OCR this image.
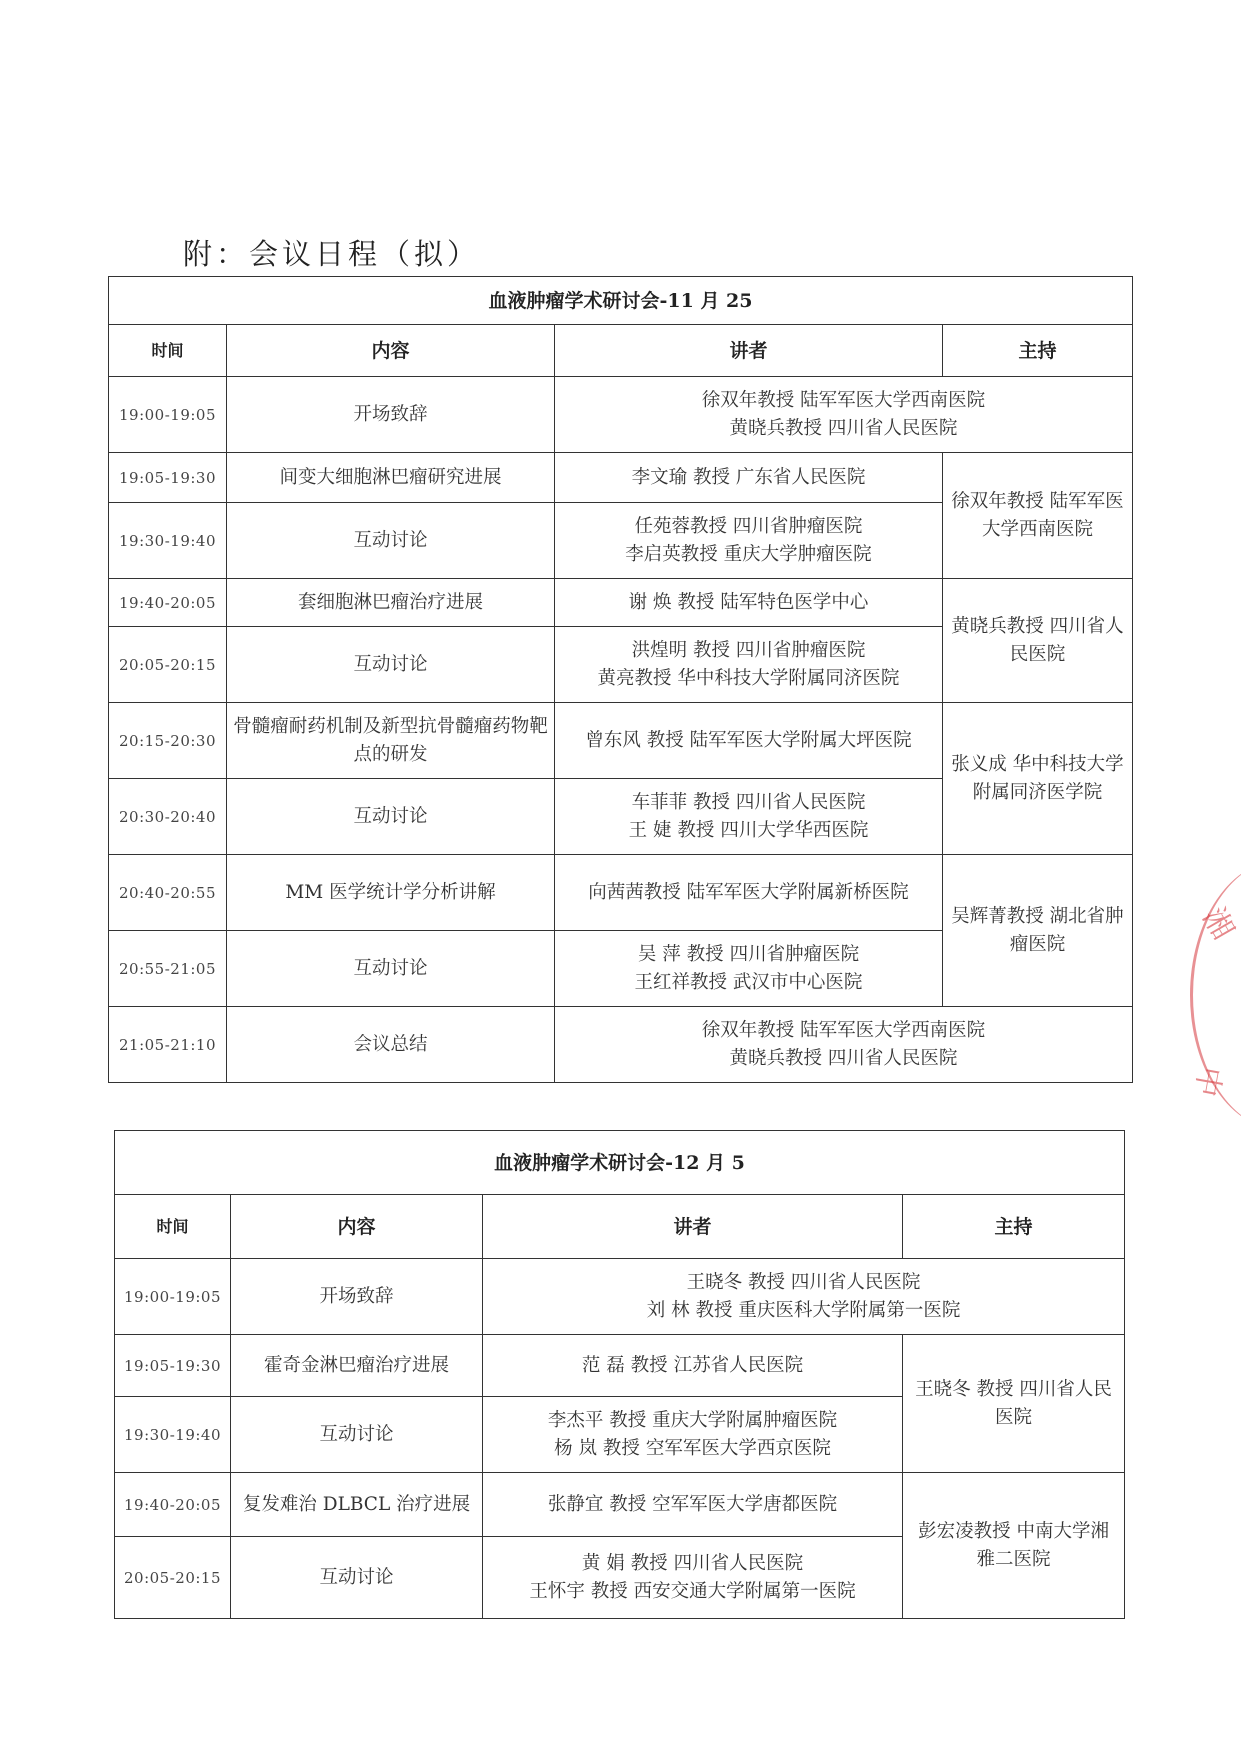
附：会议日程（拟）
血液肿瘤学术研讨会-11 月 25			
时间	内容	讲者	主持
19:00-19:05	开场致辞	徐双年教授 陆军军医大学西南医院
黄晓兵教授 四川省人民医院	

19:05-19:30	间变大细胞淋巴瘤研究进展	李文瑜 教授 广东省人民医院	徐双年教授 陆军军医大学西南医院

19:30-19:40	互动讨论	任苑蓉教授 四川省肿瘤医院
李启英教授 重庆大学肿瘤医院	

19:40-20:05	套细胞淋巴瘤治疗进展	谢 焕 教授 陆军特色医学中心	黄晓兵教授 四川省人民医院

20:05-20:15	互动讨论	洪煌明 教授 四川省肿瘤医院
黄亮教授 华中科技大学附属同济医院	

20:15-20:30	骨髓瘤耐药机制及新型抗骨髓瘤药物靶点的研发	曾东风 教授 陆军军医大学附属大坪医院	张义成 华中科技大学附属同济医学院

20:30-20:40	互动讨论	车菲菲 教授 四川省人民医院
王 婕 教授 四川大学华西医院	

20:40-20:55	MM 医学统计学分析讲解	向茜茜教授 陆军军医大学附属新桥医院	吴辉菁教授 湖北省肿瘤医院

20:55-21:05	互动讨论	吴 萍 教授 四川省肿瘤医院
王红祥教授 武汉市中心医院	

21:05-21:10	会议总结	徐双年教授 陆军军医大学西南医院
黄晓兵教授 四川省人民医院	
血液肿瘤学术研讨会-12 月 5			
时间	内容	讲者	主持
19:00-19:05	开场致辞	王晓冬 教授 四川省人民医院
刘 林 教授 重庆医科大学附属第一医院	

19:05-19:30	霍奇金淋巴瘤治疗进展	范 磊 教授 江苏省人民医院	王晓冬 教授 四川省人民医院

19:30-19:40	互动讨论	李杰平 教授 重庆大学附属肿瘤医院
杨 岚 教授 空军军医大学西京医院	

19:40-20:05	复发难治 DLBCL 治疗进展	张静宜 教授 空军军医大学唐都医院	彭宏凌教授 中南大学湘雅二医院

20:05-20:15	互动讨论	黄 娟 教授 四川省人民医院
王怀宇 教授 西安交通大学附属第一医院	
湘
中
